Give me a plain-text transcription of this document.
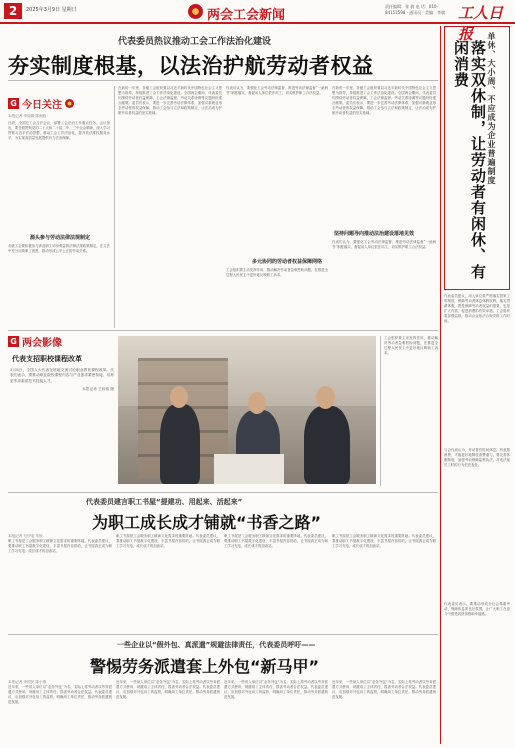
2	2025年3月9日 星期日	两会工会新闻
责任编辑：张 倩 电 话：010-84151598 · 通讯员 · 美编：李旗 工人日报
代表委员热议推动工会工作法治化建设
夯实制度根基，以法治护航劳动者权益
G 今日关注

本报记者 李丽娟 陈雨晗

日前，全国总工会召开会议，部署工会法治工作重点任务。会议指出，要全面贯彻党的二十大和二十届二中、三中全会精神，深入学习贯彻习近平法治思想，推动工会工作法治化，提升依法维权服务水平，为实现高质量发展提供有力法治保障。

源头参与劳动法律法规制定
各级工会要积极参与涉及职工切身利益的法律法规政策制定，在立法中充分反映职工意愿，推动形成公平公正的劳动关系。
在新的一年里，各级工会组织要以习近平新时代中国特色社会主义思想为指导，持续推进工会工作法治化建设。全国两会期间，代表委员们围绕劳动者权益保障、工会法律监督、劳动关系协调等议题纷纷建言献策。委员们表示，要进一步完善劳动法律体系，加强对新就业形态劳动者的权益保障，推动工会参与立法和政策制定，让法治成为护航劳动者权益的坚实基础。
代表们认为，要强化工会劳动法律监督，推进劳动法律监督“一函两书”制度落实，督促用人单位依法用工，切实维护职工合法权益。
多元协同的劳动者权益保障网络
工会组织要主动发挥作用，推动解决劳动者急难愁盼问题，在推进全过程人民民主中更好地反映职工诉求。
坚持问题导向推动法治建设落地见效
在新的一年里，各级工会组织要以习近平新时代中国特色社会主义思想为指导，持续推进工会工作法治化建设。全国两会期间，代表委员们围绕劳动者权益保障、工会法律监督、劳动关系协调等议题纷纷建言献策。委员们表示，要进一步完善劳动法律体系，加强对新就业形态劳动者的权益保障，推动工会参与立法和政策制定，让法治成为护航劳动者权益的坚实基础。
代表们认为，要强化工会劳动法律监督，推进劳动法律监督“一函两书”制度落实，督促用人单位依法用工，切实维护职工合法权益。
G 两会影像
代表支招职校课程改革

3月8日，全国人大代表在驻地交流讨论职业教育课程改革。代表们表示，要推动职业院校课程内容与产业需求紧密衔接，培养更多高素质技术技能人才。

本报记者 王伟伟 摄

工会组织要主动发挥作用，推动解决劳动者急难愁盼问题，在推进全过程人民民主中更好地反映职工诉求。
代表委员建言职工书屋“提建功、用起来、活起来”
为职工成长成才铺就“书香之路”

本报记者 马伊雯 朱欣

职工书屋是工会服务职工精神文化需求的重要阵地。代表委员建议，要推动职工书屋数字化建设，丰富书屋内容供给，让书屋真正成为职工学习充电、成长成才的加油站。

职工书屋是工会服务职工精神文化需求的重要阵地。代表委员建议，要推动职工书屋数字化建设，丰富书屋内容供给，让书屋真正成为职工学习充电、成长成才的加油站。
职工书屋是工会服务职工精神文化需求的重要阵地。代表委员建议，要推动职工书屋数字化建设，丰富书屋内容供给，让书屋真正成为职工学习充电、成长成才的加油站。
职工书屋是工会服务职工精神文化需求的重要阵地。代表委员建议，要推动职工书屋数字化建设，丰富书屋内容供给，让书屋真正成为职工学习充电、成长成才的加油站。
一些企业以“假外包、真派遣”规避法律责任，代表委员呼吁——
警惕劳务派遣套上外包“新马甲”

本报记者 李国民 陈小燕

近年来，一些用人单位以“业务外包”为名，实际上将劳动者以劳务派遣方式使用，规避用工主体责任，损害劳动者合法权益。代表委员建议，应加强对外包用工的监管，明确用工单位责任，推动劳务派遣规范发展。

近年来，一些用人单位以“业务外包”为名，实际上将劳动者以劳务派遣方式使用，规避用工主体责任，损害劳动者合法权益。代表委员建议，应加强对外包用工的监管，明确用工单位责任，推动劳务派遣规范发展。
近年来，一些用人单位以“业务外包”为名，实际上将劳动者以劳务派遣方式使用，规避用工主体责任，损害劳动者合法权益。代表委员建议，应加强对外包用工的监管，明确用工单位责任，推动劳务派遣规范发展。
近年来，一些用人单位以“业务外包”为名，实际上将劳动者以劳务派遣方式使用，规避用工主体责任，损害劳动者合法权益。代表委员建议，应加强对外包用工的监管，明确用工单位责任，推动劳务派遣规范发展。
单休、大小周、不应成为企业普遍制度
落实双休制，让劳动者有闲休、有闲消费
代表委员建议，用人单位要严格落实国家工时制度，保障劳动者休息休假权利。落实带薪休假，既是保障劳动者权益的需要，也是扩大内需、促进消费的有效举措。工会组织要加强监督，推动企业依法合规安排工作时间。
与会代表认为，劳动者有时间休息、有意愿消费，才能更好地释放消费潜力。要完善休假制度，加强劳动保障监察执法，对违法延长工时的行为依法查处。
代表委员表示，要推动形成全社会尊重劳动、保障休息的良好氛围，让广大职工在奋斗中感受到获得感和幸福感。
